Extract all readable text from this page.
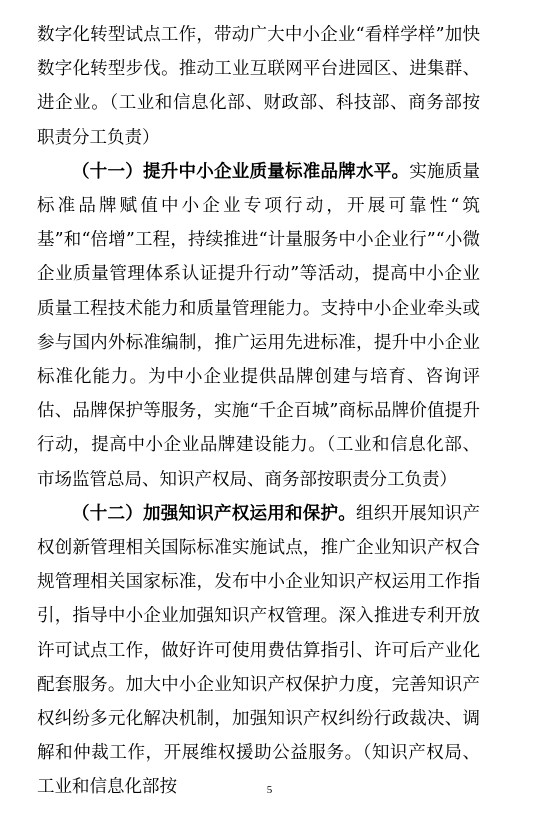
数字化转型试点工作，带动广大中小企业“看样学样”加快数字化转型步伐。推动工业互联网平台进园区、进集群、进企业。（工业和信息化部、财政部、科技部、商务部按职责分工负责）

（十一）提升中小企业质量标准品牌水平。实施质量标准品牌赋值中小企业专项行动，开展可靠性“筑基”和“倍增”工程，持续推进“计量服务中小企业行”“小微企业质量管理体系认证提升行动”等活动，提高中小企业质量工程技术能力和质量管理能力。支持中小企业牵头或参与国内外标准编制，推广运用先进标准，提升中小企业标准化能力。为中小企业提供品牌创建与培育、咨询评估、品牌保护等服务，实施“千企百城”商标品牌价值提升行动，提高中小企业品牌建设能力。（工业和信息化部、市场监管总局、知识产权局、商务部按职责分工负责）

（十二）加强知识产权运用和保护。组织开展知识产权创新管理相关国际标准实施试点，推广企业知识产权合规管理相关国家标准，发布中小企业知识产权运用工作指引，指导中小企业加强知识产权管理。深入推进专利开放许可试点工作，做好许可使用费估算指引、许可后产业化配套服务。加大中小企业知识产权保护力度，完善知识产权纠纷多元化解决机制，加强知识产权纠纷行政裁决、调解和仲裁工作，开展维权援助公益服务。（知识产权局、工业和信息化部按	5
